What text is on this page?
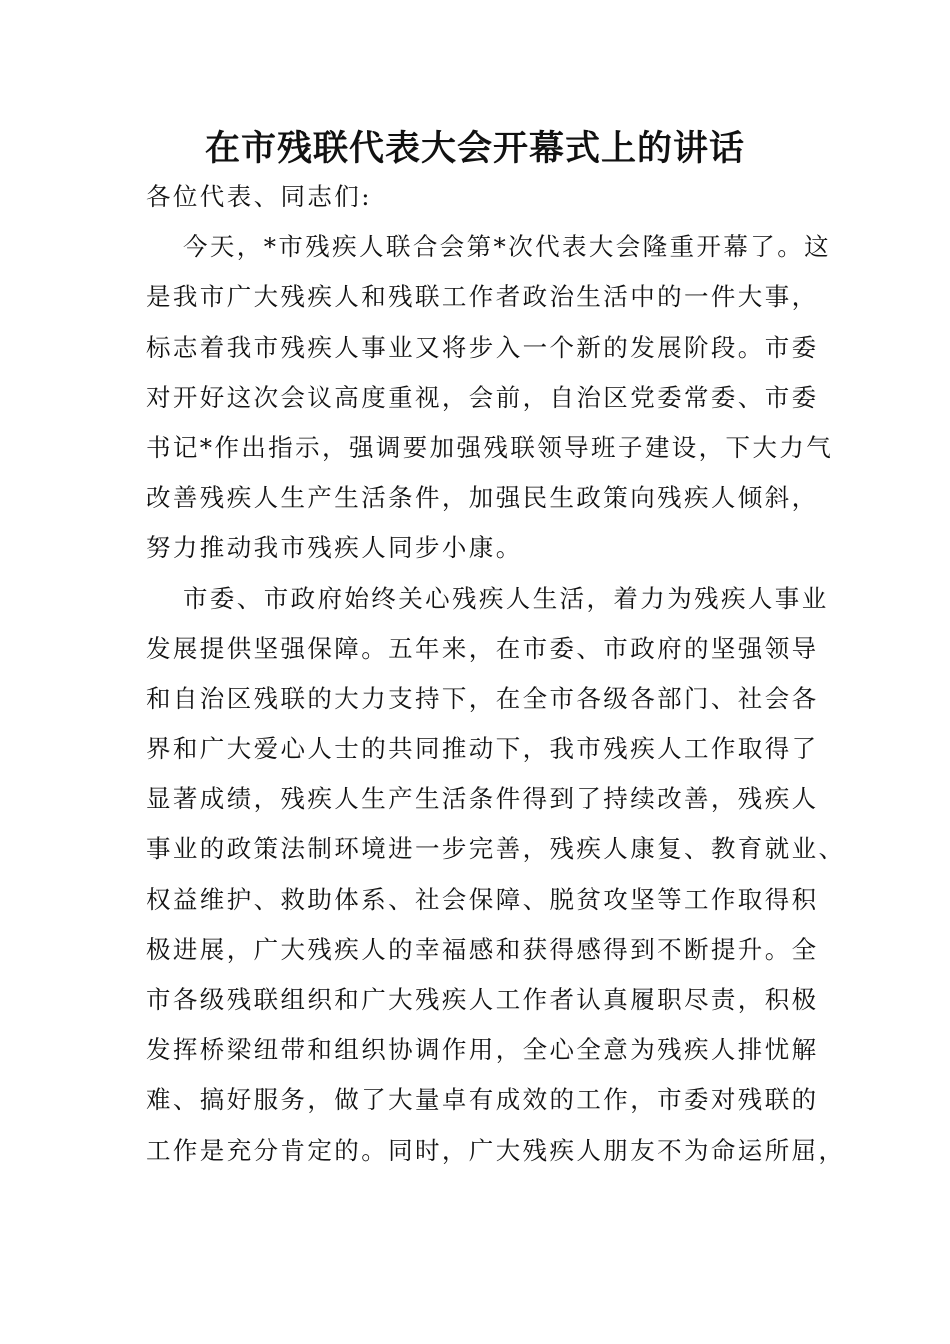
在市残联代表大会开幕式上的讲话
各位代表、同志们:
今天，*市残疾人联合会第*次代表大会隆重开幕了。这
是我市广大残疾人和残联工作者政治生活中的一件大事，
标志着我市残疾人事业又将步入一个新的发展阶段。市委
对开好这次会议高度重视，会前，自治区党委常委、市委
书记*作出指示，强调要加强残联领导班子建设，下大力气
改善残疾人生产生活条件，加强民生政策向残疾人倾斜，
努力推动我市残疾人同步小康。
市委、市政府始终关心残疾人生活，着力为残疾人事业
发展提供坚强保障。五年来，在市委、市政府的坚强领导
和自治区残联的大力支持下，在全市各级各部门、社会各
界和广大爱心人士的共同推动下，我市残疾人工作取得了
显著成绩，残疾人生产生活条件得到了持续改善，残疾人
事业的政策法制环境进一步完善，残疾人康复、教育就业、
权益维护、救助体系、社会保障、脱贫攻坚等工作取得积
极进展，广大残疾人的幸福感和获得感得到不断提升。全
市各级残联组织和广大残疾人工作者认真履职尽责，积极
发挥桥梁纽带和组织协调作用，全心全意为残疾人排忧解
难、搞好服务，做了大量卓有成效的工作，市委对残联的
工作是充分肯定的。同时，广大残疾人朋友不为命运所屈，
